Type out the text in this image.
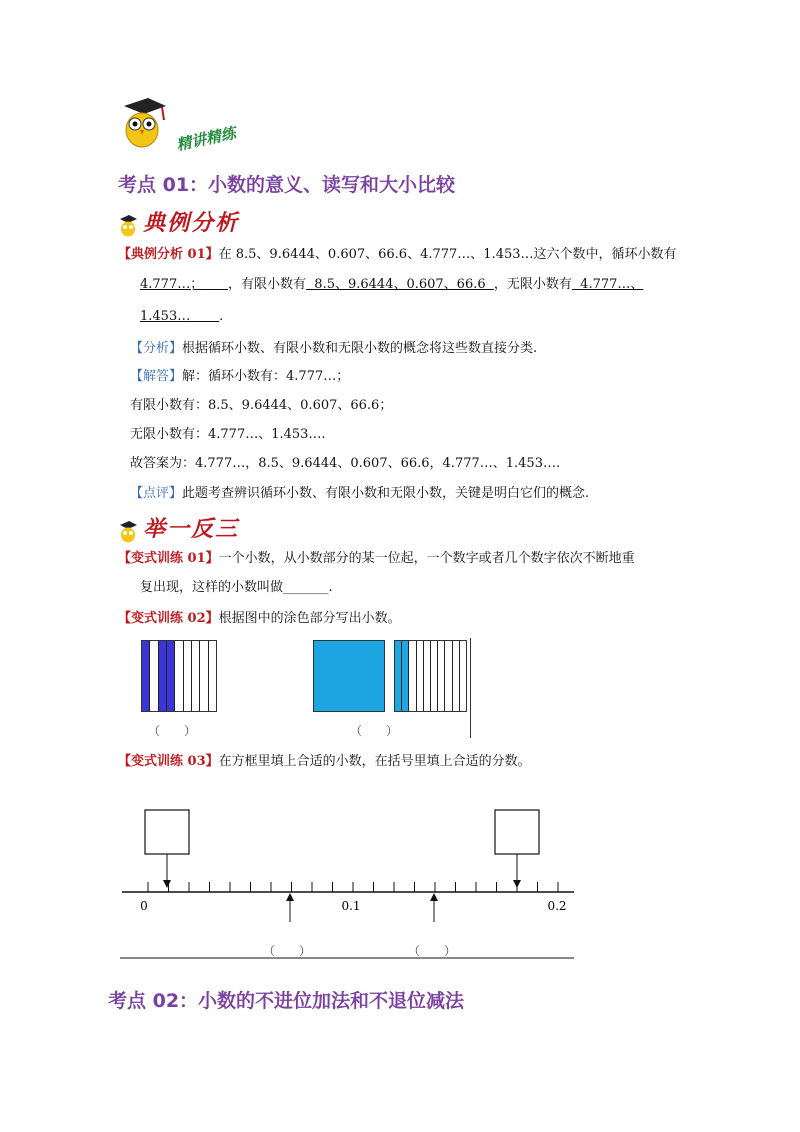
精讲精练
考点 01：小数的意义、读写和大小比较
典例分析
【典例分析 01】在 8.5、9.6444、0.607、66.6、4.777…、1.453…这六个数中，循环小数有
4.777…； ，有限小数有 8.5、9.6444、0.607、66.6 ，无限小数有 4.777…、
1.453… .
【分析】根据循环小数、有限小数和无限小数的概念将这些数直接分类.
【解答】解：循环小数有：4.777…；
有限小数有：8.5、9.6444、0.607、66.6；
无限小数有：4.777…、1.453….
故答案为：4.777…，8.5、9.6444、0.607、66.6，4.777…、1.453….
【点评】此题考查辨识循环小数、有限小数和无限小数，关键是明白它们的概念.
举一反三
【变式训练 01】一个小数，从小数部分的某一位起，一个数字或者几个数字依次不断地重
复出现，这样的小数叫做_______.
【变式训练 02】根据图中的涂色部分写出小数。
（　　）	（　　）
【变式训练 03】在方框里填上合适的小数，在括号里填上合适的分数。
0	0.1	0.2
（　　）	（　　）
考点 02：小数的不进位加法和不退位减法
